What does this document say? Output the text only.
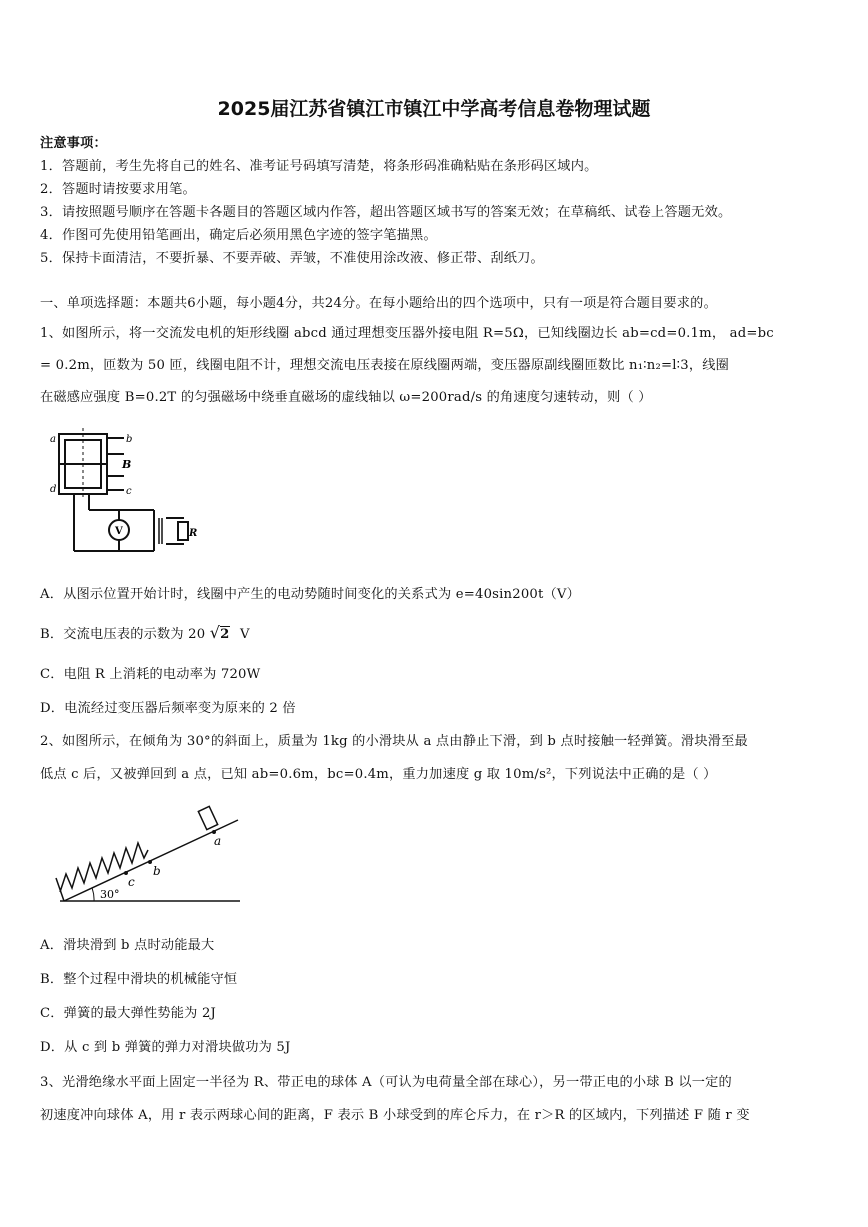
2025届江苏省镇江市镇江中学高考信息卷物理试题
注意事项：
1．答题前，考生先将自己的姓名、准考证号码填写清楚，将条形码准确粘贴在条形码区域内。
2．答题时请按要求用笔。
3．请按照题号顺序在答题卡各题目的答题区域内作答，超出答题区域书写的答案无效；在草稿纸、试卷上答题无效。
4．作图可先使用铅笔画出，确定后必须用黑色字迹的签字笔描黑。
5．保持卡面清洁，不要折暴、不要弄破、弄皱，不准使用涂改液、修正带、刮纸刀。
一、单项选择题：本题共6小题，每小题4分，共24分。在每小题给出的四个选项中，只有一项是符合题目要求的。
1、如图所示，将一交流发电机的矩形线圈 abcd 通过理想变压器外接电阻 R=5Ω，已知线圈边长 ab=cd=0.1m， ad=bc
= 0.2m，匝数为 50 匝，线圈电阻不计，理想交流电压表接在原线圈两端，变压器原副线圈匝数比 n₁∶n₂=l∶3，线圈
在磁感应强度 B=0.2T 的匀强磁场中绕垂直磁场的虚线轴以 ω=200rad/s 的角速度匀速转动，则（ ）
a	b
d	c
B
V	R
A．从图示位置开始计时，线圈中产生的电动势随时间变化的关系式为 e=40sin200t（V）
B．交流电压表的示数为 20 √2 V
C．电阻 R 上消耗的电动率为 720W
D．电流经过变压器后频率变为原来的 2 倍
2、如图所示，在倾角为 30°的斜面上，质量为 1kg 的小滑块从 a 点由静止下滑，到 b 点时接触一轻弹簧。滑块滑至最
低点 c 后，又被弹回到 a 点，已知 ab=0.6m，bc=0.4m，重力加速度 g 取 10m/s²，下列说法中正确的是（ ）
c
b
a
30°
A．滑块滑到 b 点时动能最大
B．整个过程中滑块的机械能守恒
C．弹簧的最大弹性势能为 2J
D．从 c 到 b 弹簧的弹力对滑块做功为 5J
3、光滑绝缘水平面上固定一半径为 R、带正电的球体 A（可认为电荷量全部在球心），另一带正电的小球 B 以一定的
初速度冲向球体 A，用 r 表示两球心间的距离，F 表示 B 小球受到的库仑斥力，在 r＞R 的区域内，下列描述 F 随 r 变
